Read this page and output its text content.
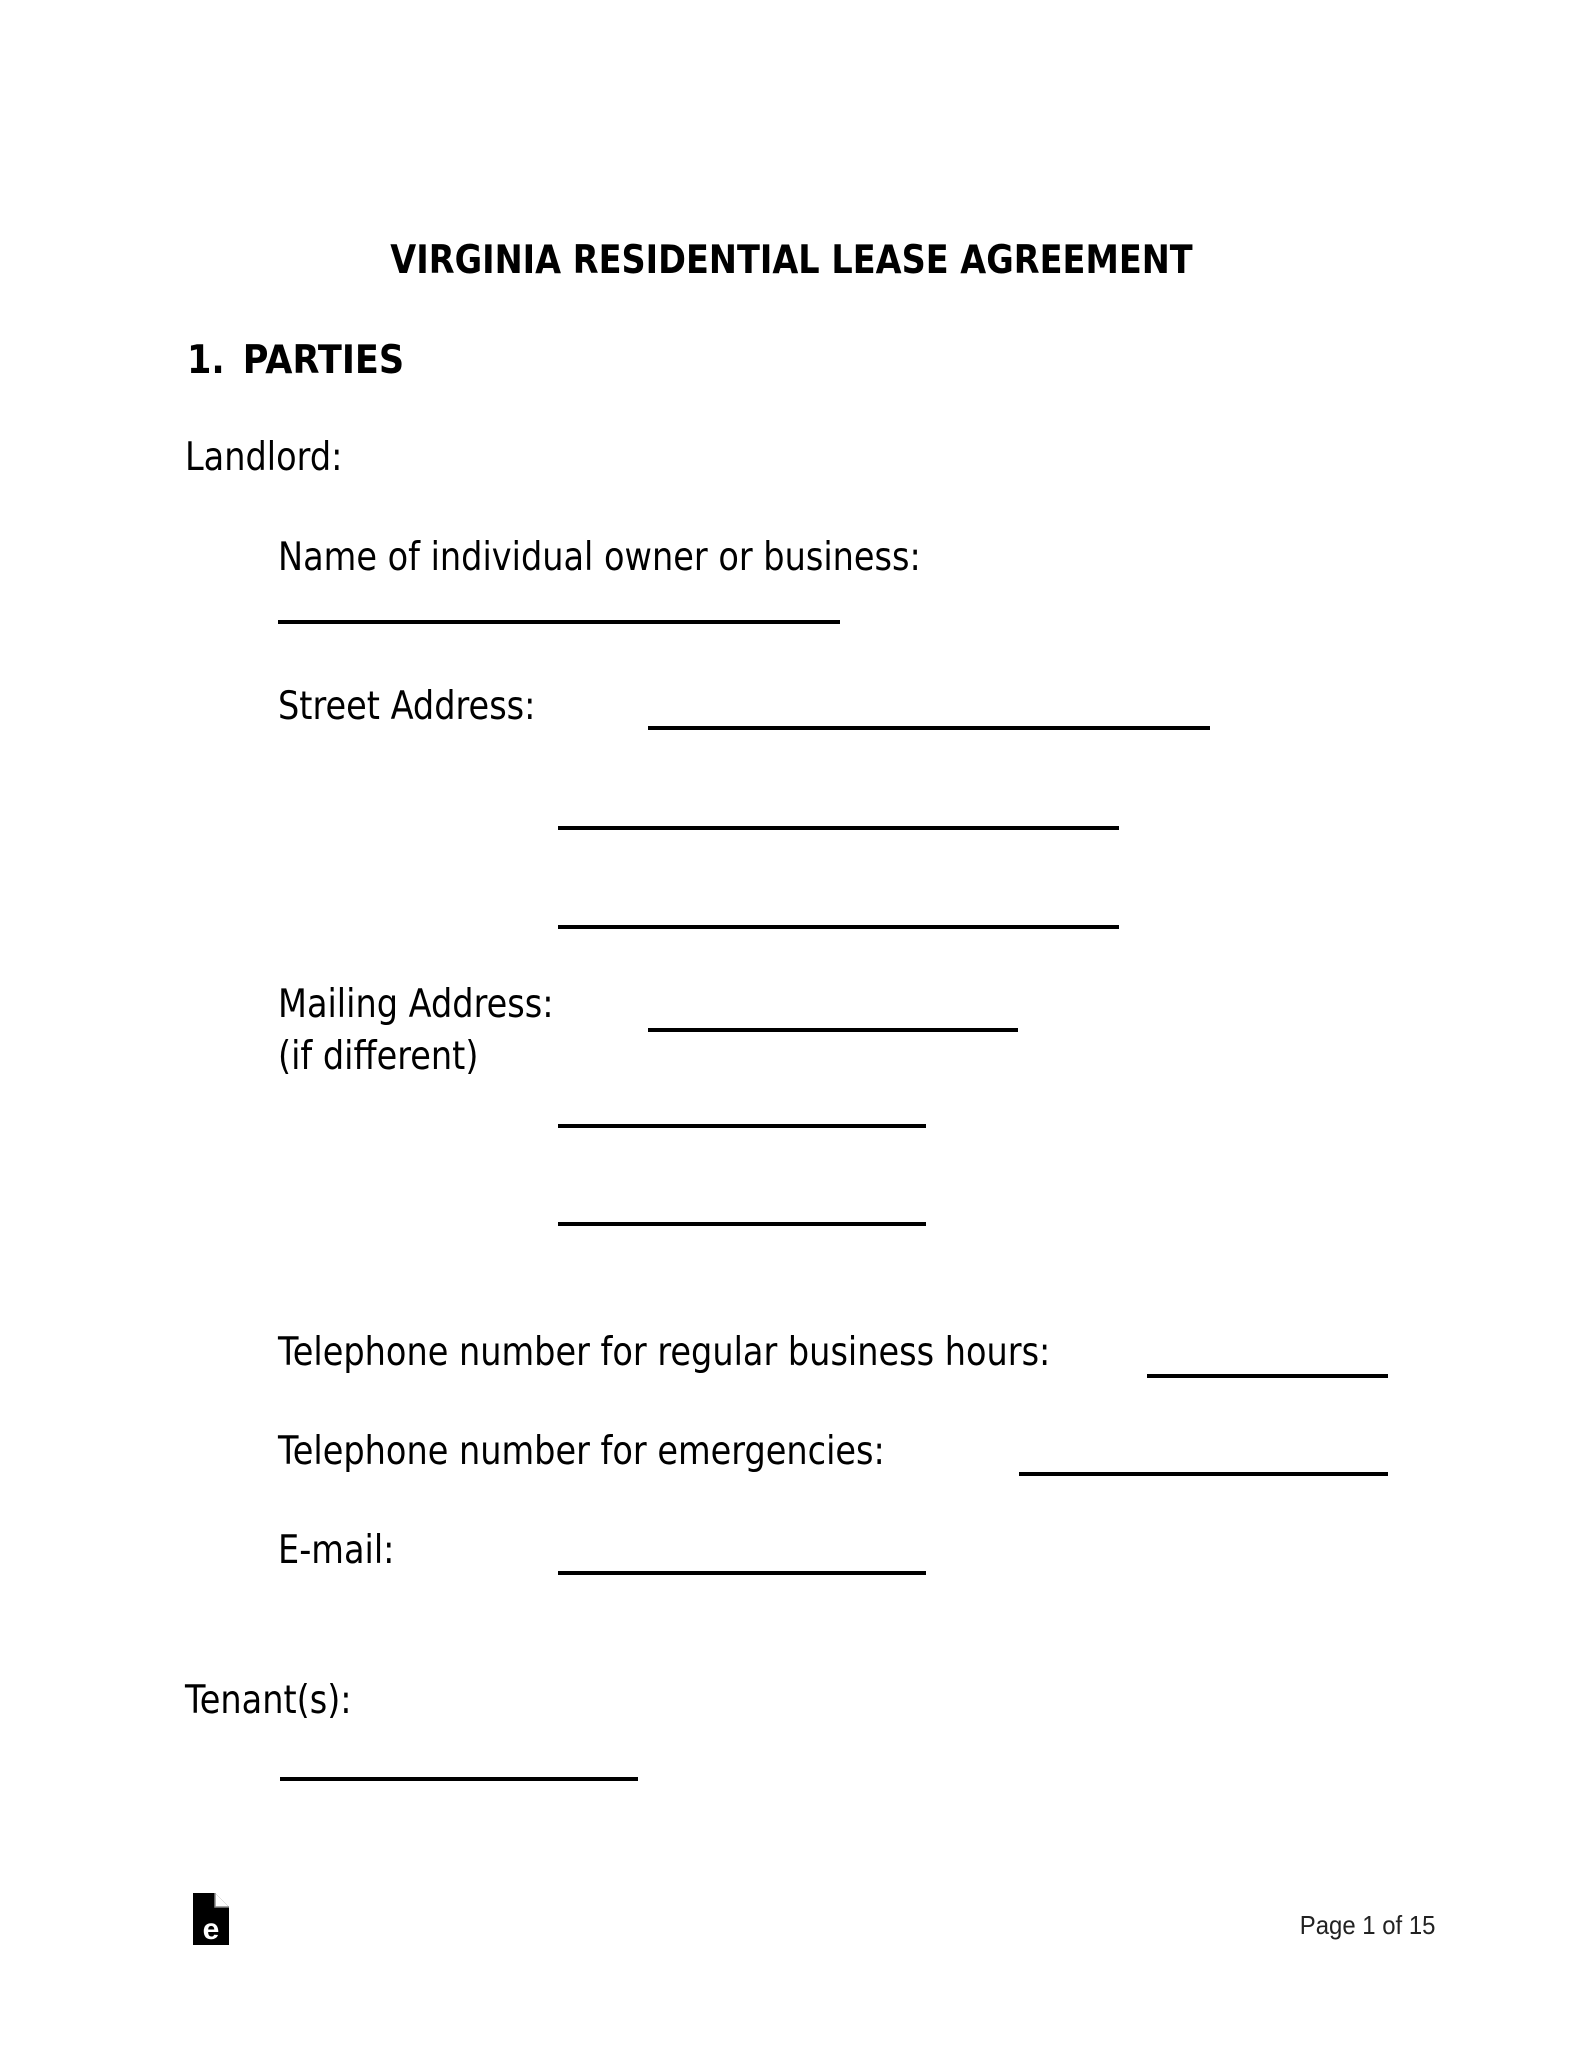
VIRGINIA RESIDENTIAL LEASE AGREEMENT
1. PARTIES
Landlord:
Name of individual owner or business:
Street Address:
Mailing Address:
(if different)
Telephone number for regular business hours:
Telephone number for emergencies:
E-mail:
Tenant(s):
e	Page 1 of 15
